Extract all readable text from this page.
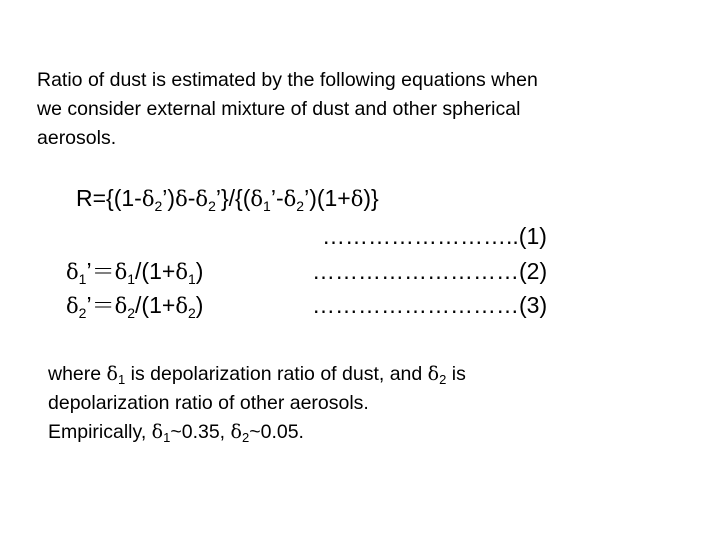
Ratio of dust is estimated by the following equations when
we consider external mixture of dust and other spherical
aerosols.
$R=\{(1-\delta_2’)\delta-\delta_2’\}/\{(\delta_1’-\delta_2’)(1+\delta)\}$
……………………..(1)
$\delta_1’=\delta_1/(1+\delta_1)$	………………………(2)
$\delta_2’=\delta_2/(1+\delta_2)$	………………………(3)
where $\delta_1$ is depolarization ratio of dust, and $\delta_2$ is
depolarization ratio of other aerosols.
Empirically, $\delta_1\sim 0.35$, $\delta_2\sim 0.05$.
